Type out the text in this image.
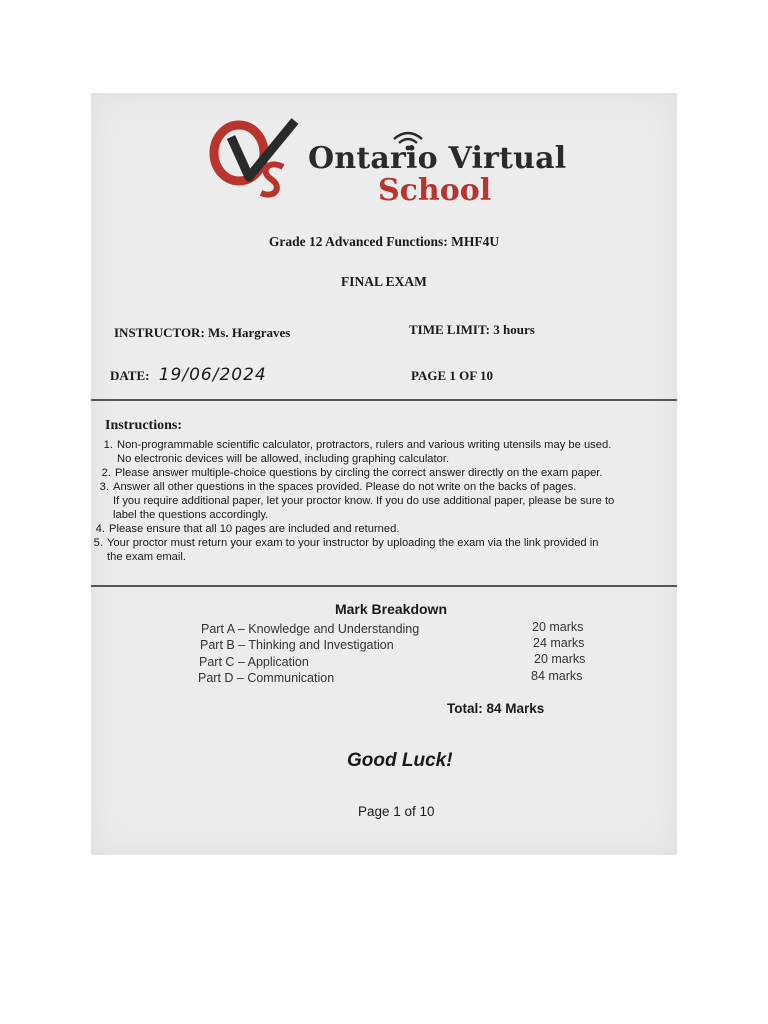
Ontario Virtual
School
Grade 12 Advanced Functions: MHF4U
FINAL EXAM
INSTRUCTOR: Ms. Hargraves	TIME LIMIT: 3 hours
DATE: 19/06/2024	PAGE 1 OF 10
Instructions:
1. Non-programmable scientific calculator, protractors, rulers and various writing utensils may be used.
No electronic devices will be allowed, including graphing calculator.
2. Please answer multiple-choice questions by circling the correct answer directly on the exam paper.
3. Answer all other questions in the spaces provided. Please do not write on the backs of pages.
If you require additional paper, let your proctor know. If you do use additional paper, please be sure to
label the questions accordingly.
4. Please ensure that all 10 pages are included and returned.
5. Your proctor must return your exam to your instructor by uploading the exam via the link provided in
the exam email.
Mark Breakdown
Part A – Knowledge and Understanding	20 marks
Part B – Thinking and Investigation	24 marks
Part C – Application	20 marks
Part D – Communication	84 marks
Total: 84 Marks
Good Luck!
Page 1 of 10
